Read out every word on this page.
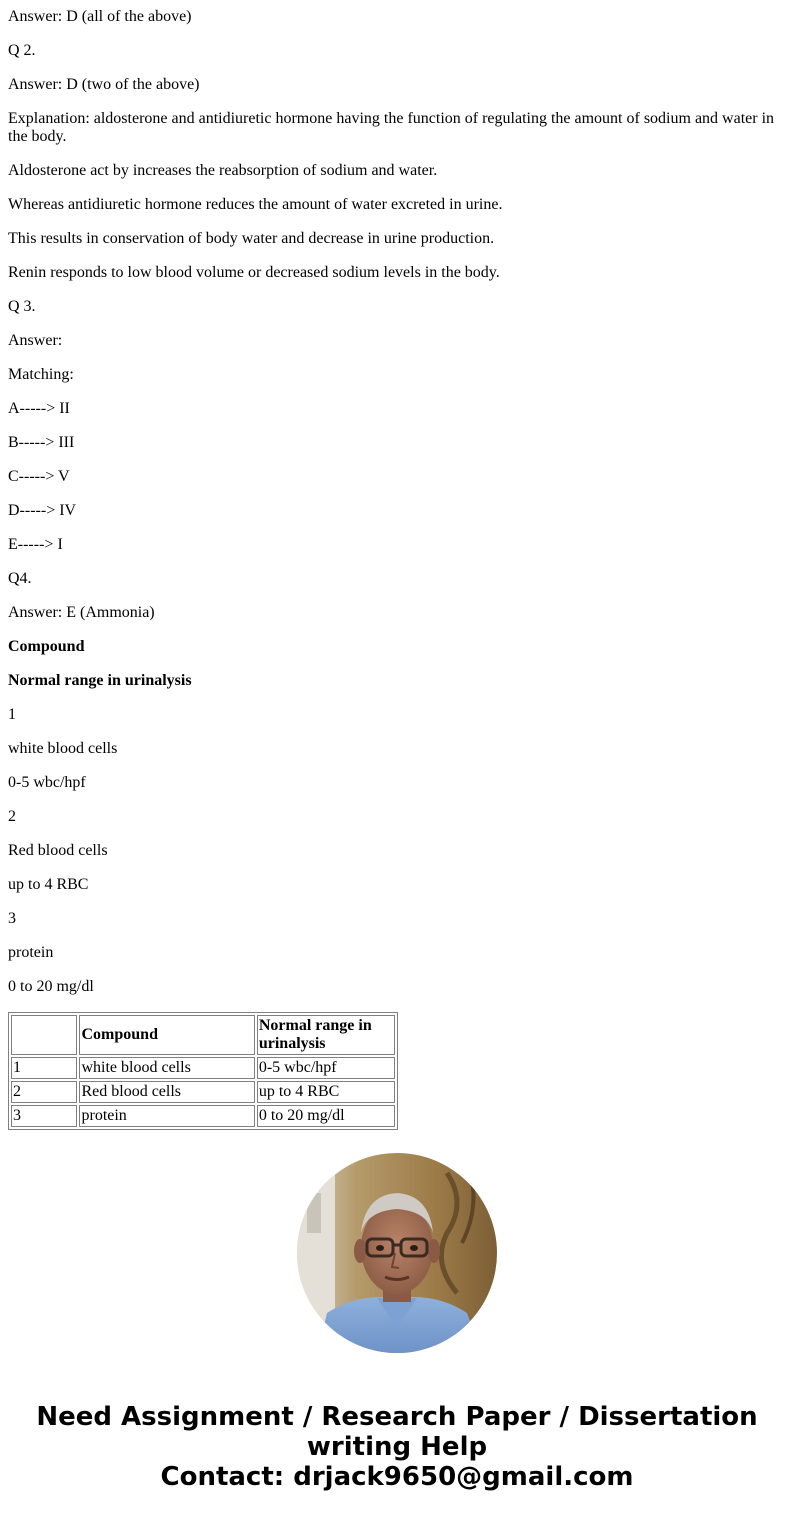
Answer: D (all of the above)

Q 2.

Answer: D (two of the above)

Explanation: aldosterone and antidiuretic hormone having the function of regulating the amount of sodium and water in the body.

Aldosterone act by increases the reabsorption of sodium and water.

Whereas antidiuretic hormone reduces the amount of water excreted in urine.

This results in conservation of body water and decrease in urine production.

Renin responds to low blood volume or decreased sodium levels in the body.

Q 3.

Answer:

Matching:

A-----> II

B-----> III

C-----> V

D-----> IV

E-----> I

Q4.

Answer: E (Ammonia)

Compound

Normal range in urinalysis

1

white blood cells

0-5 wbc/hpf

2

Red blood cells

up to 4 RBC

3

protein

0 to 20 mg/dl

	Compound	Normal range in urinalysis
1	white blood cells	0-5 wbc/hpf
2	Red blood cells	up to 4 RBC
3	protein	0 to 20 mg/dl
Need Assignment / Research Paper / Dissertation
writing Help
Contact: drjack9650@gmail.com
